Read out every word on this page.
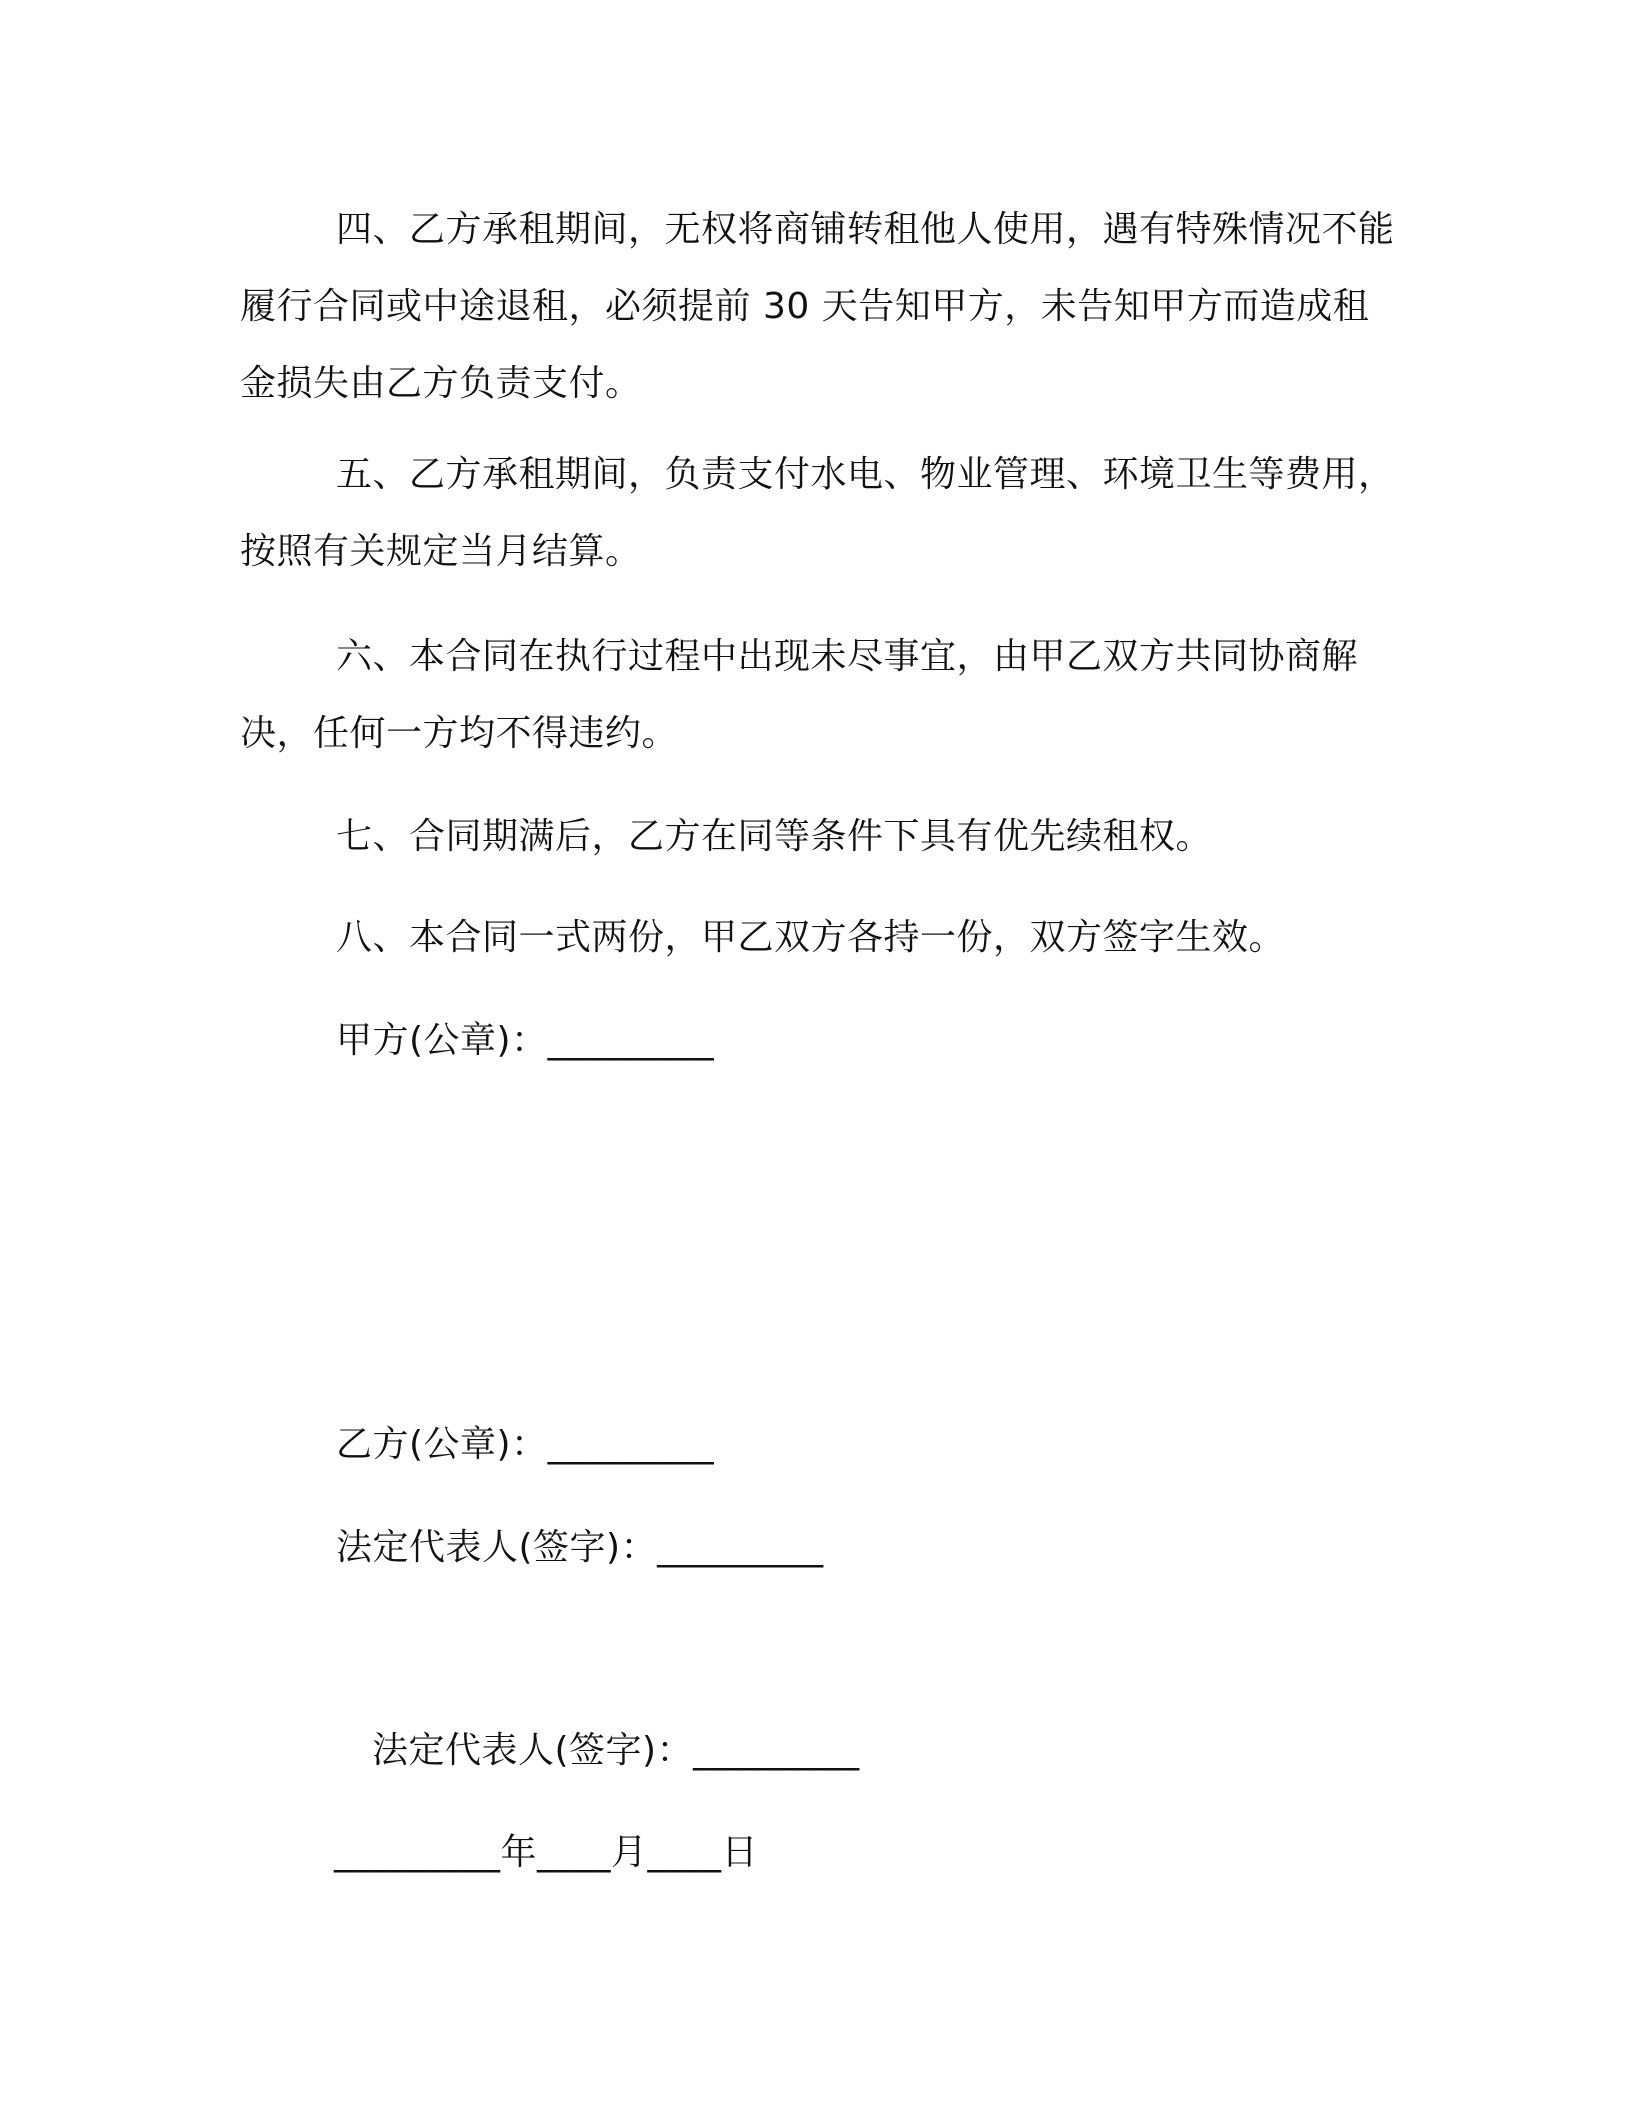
四、乙方承租期间，无权将商铺转租他人使用，遇有特殊情况不能履行合同或中途退租，必须提前 30 天告知甲方，未告知甲方而造成租金损失由乙方负责支付。

五、乙方承租期间，负责支付水电、物业管理、环境卫生等费用，按照有关规定当月结算。

六、本合同在执行过程中出现未尽事宜，由甲乙双方共同协商解决，任何一方均不得违约。

七、合同期满后，乙方在同等条件下具有优先续租权。

八、本合同一式两份，甲乙双方各持一份，双方签字生效。

甲方(公章)：_________

乙方(公章)：_________

法定代表人(签字)：_________

法定代表人(签字)：_________

_________年____月____日
